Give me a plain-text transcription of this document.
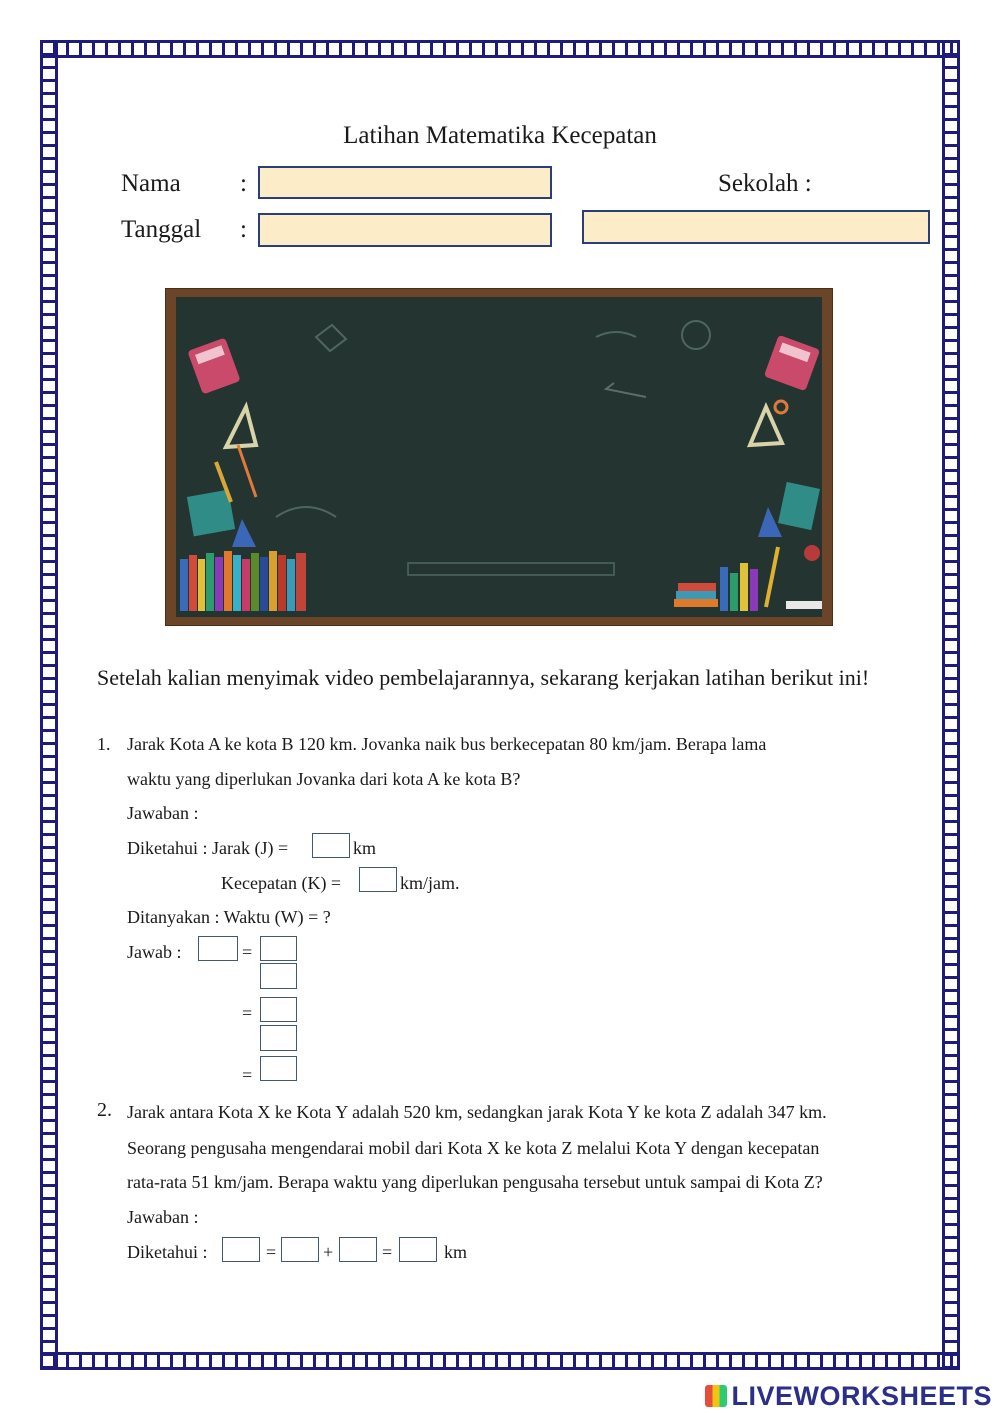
Latihan Matematika Kecepatan
Nama :
Tanggal :
Sekolah :
Setelah kalian menyimak video pembelajarannya, sekarang kerjakan latihan berikut ini!
1. Jarak Kota A ke kota B 120 km. Jovanka naik bus berkecepatan 80 km/jam. Berapa lama
waktu yang diperlukan Jovanka dari kota A ke kota B?
Jawaban :
Diketahui : Jarak (J) =	km
Kecepatan (K) =	km/jam.
Ditanyakan : Waktu (W) = ?
Jawab :	=
=
=
2. Jarak antara Kota X ke Kota Y adalah 520 km, sedangkan jarak Kota Y ke kota Z adalah 347 km.
Seorang pengusaha mengendarai mobil dari Kota X ke kota Z melalui Kota Y dengan kecepatan
rata-rata 51 km/jam. Berapa waktu yang diperlukan pengusaha tersebut untuk sampai di Kota Z?
Jawaban :
Diketahui :	=	+	=	km
LIVEWORKSHEETS
